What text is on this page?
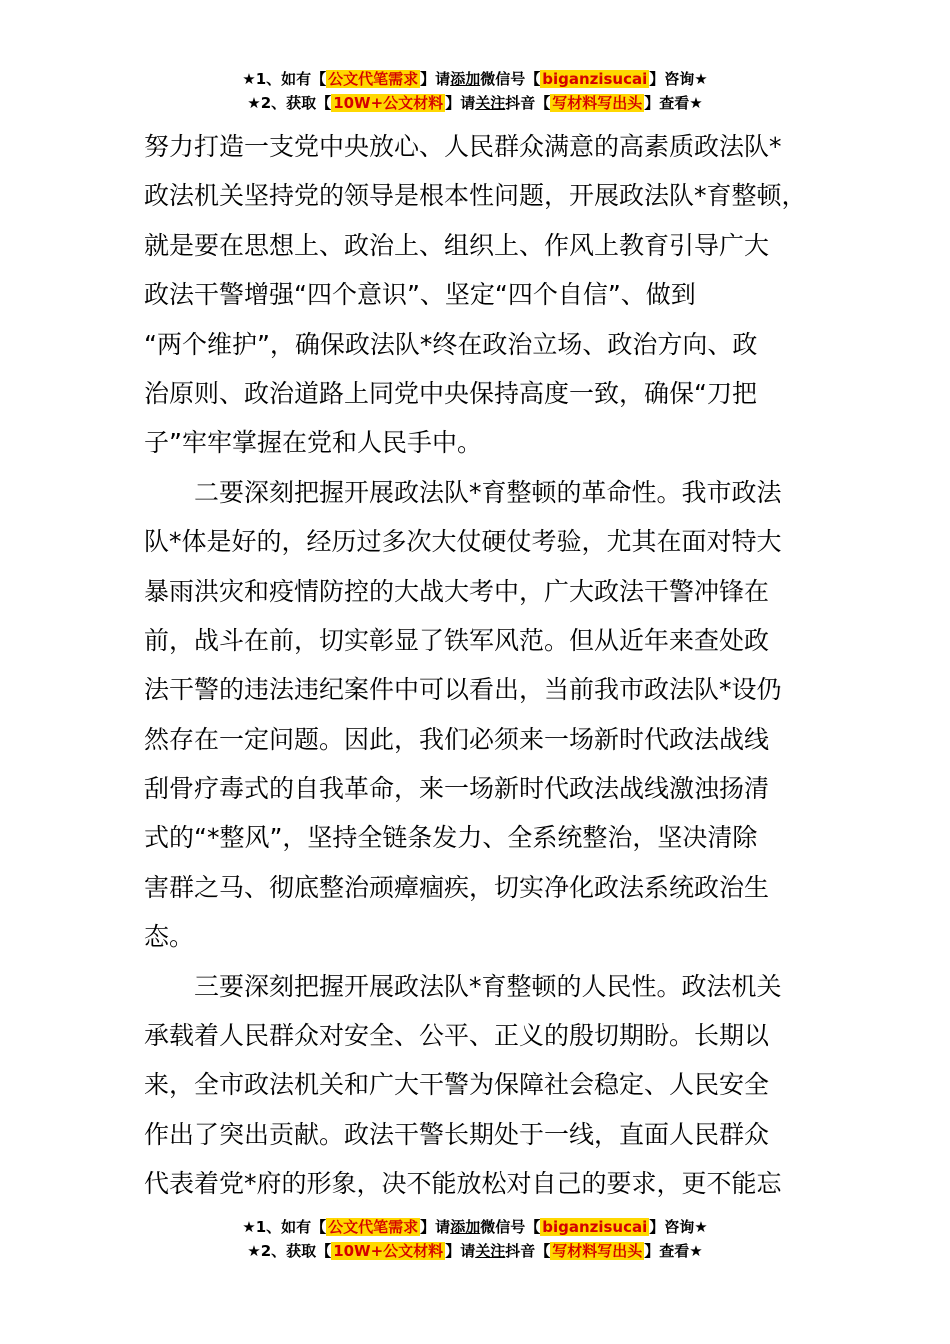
★1、如有【 公文代笔需求 】请添加微信号【 biganzisucai 】咨询★
★2、获取【 10W+公文材料 】请关注抖音【 写材料写出头 】查看★
努力打造一支党中央放心、人民群众满意的高素质政法队*
政法机关坚持党的领导是根本性问题，开展政法队*育整顿，
就是要在思想上、政治上、组织上、作风上教育引导广大
政法干警增强“四个意识”、坚定“四个自信”、做到
“两个维护”，确保政法队*终在政治立场、政治方向、政
治原则、政治道路上同党中央保持高度一致，确保“刀把
子”牢牢掌握在党和人民手中。
　　二要深刻把握开展政法队*育整顿的革命性。我市政法
队*体是好的，经历过多次大仗硬仗考验，尤其在面对特大
暴雨洪灾和疫情防控的大战大考中，广大政法干警冲锋在
前，战斗在前，切实彰显了铁军风范。但从近年来查处政
法干警的违法违纪案件中可以看出，当前我市政法队*设仍
然存在一定问题。因此，我们必须来一场新时代政法战线
刮骨疗毒式的自我革命，来一场新时代政法战线激浊扬清
式的“*整风”，坚持全链条发力、全系统整治，坚决清除
害群之马、彻底整治顽瘴痼疾，切实净化政法系统政治生
态。
　　三要深刻把握开展政法队*育整顿的人民性。政法机关
承载着人民群众对安全、公平、正义的殷切期盼。长期以
来，全市政法机关和广大干警为保障社会稳定、人民安全
作出了突出贡献。政法干警长期处于一线，直面人民群众
代表着党*府的形象，决不能放松对自己的要求，更不能忘
★1、如有【 公文代笔需求 】请添加微信号【 biganzisucai 】咨询★
★2、获取【 10W+公文材料 】请关注抖音【 写材料写出头 】查看★
